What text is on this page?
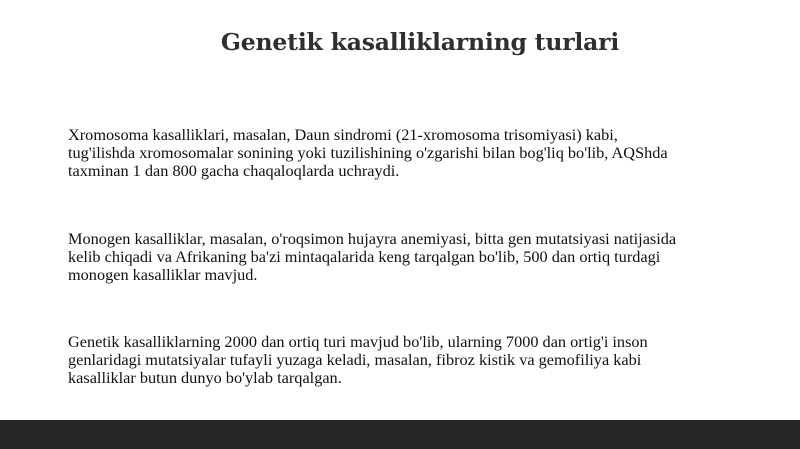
Genetik kasalliklarning turlari

Xromosoma kasalliklari, masalan, Daun sindromi (21-xromosoma trisomiyasi) kabi,
tug'ilishda xromosomalar sonining yoki tuzilishining o'zgarishi bilan bog'liq bo'lib, AQShda
taxminan 1 dan 800 gacha chaqaloqlarda uchraydi.

Monogen kasalliklar, masalan, o'roqsimon hujayra anemiyasi, bitta gen mutatsiyasi natijasida
kelib chiqadi va Afrikaning ba'zi mintaqalarida keng tarqalgan bo'lib, 500 dan ortiq turdagi
monogen kasalliklar mavjud.

Genetik kasalliklarning 2000 dan ortiq turi mavjud bo'lib, ularning 7000 dan ortig'i inson
genlaridagi mutatsiyalar tufayli yuzaga keladi, masalan, fibroz kistik va gemofiliya kabi
kasalliklar butun dunyo bo'ylab tarqalgan.
